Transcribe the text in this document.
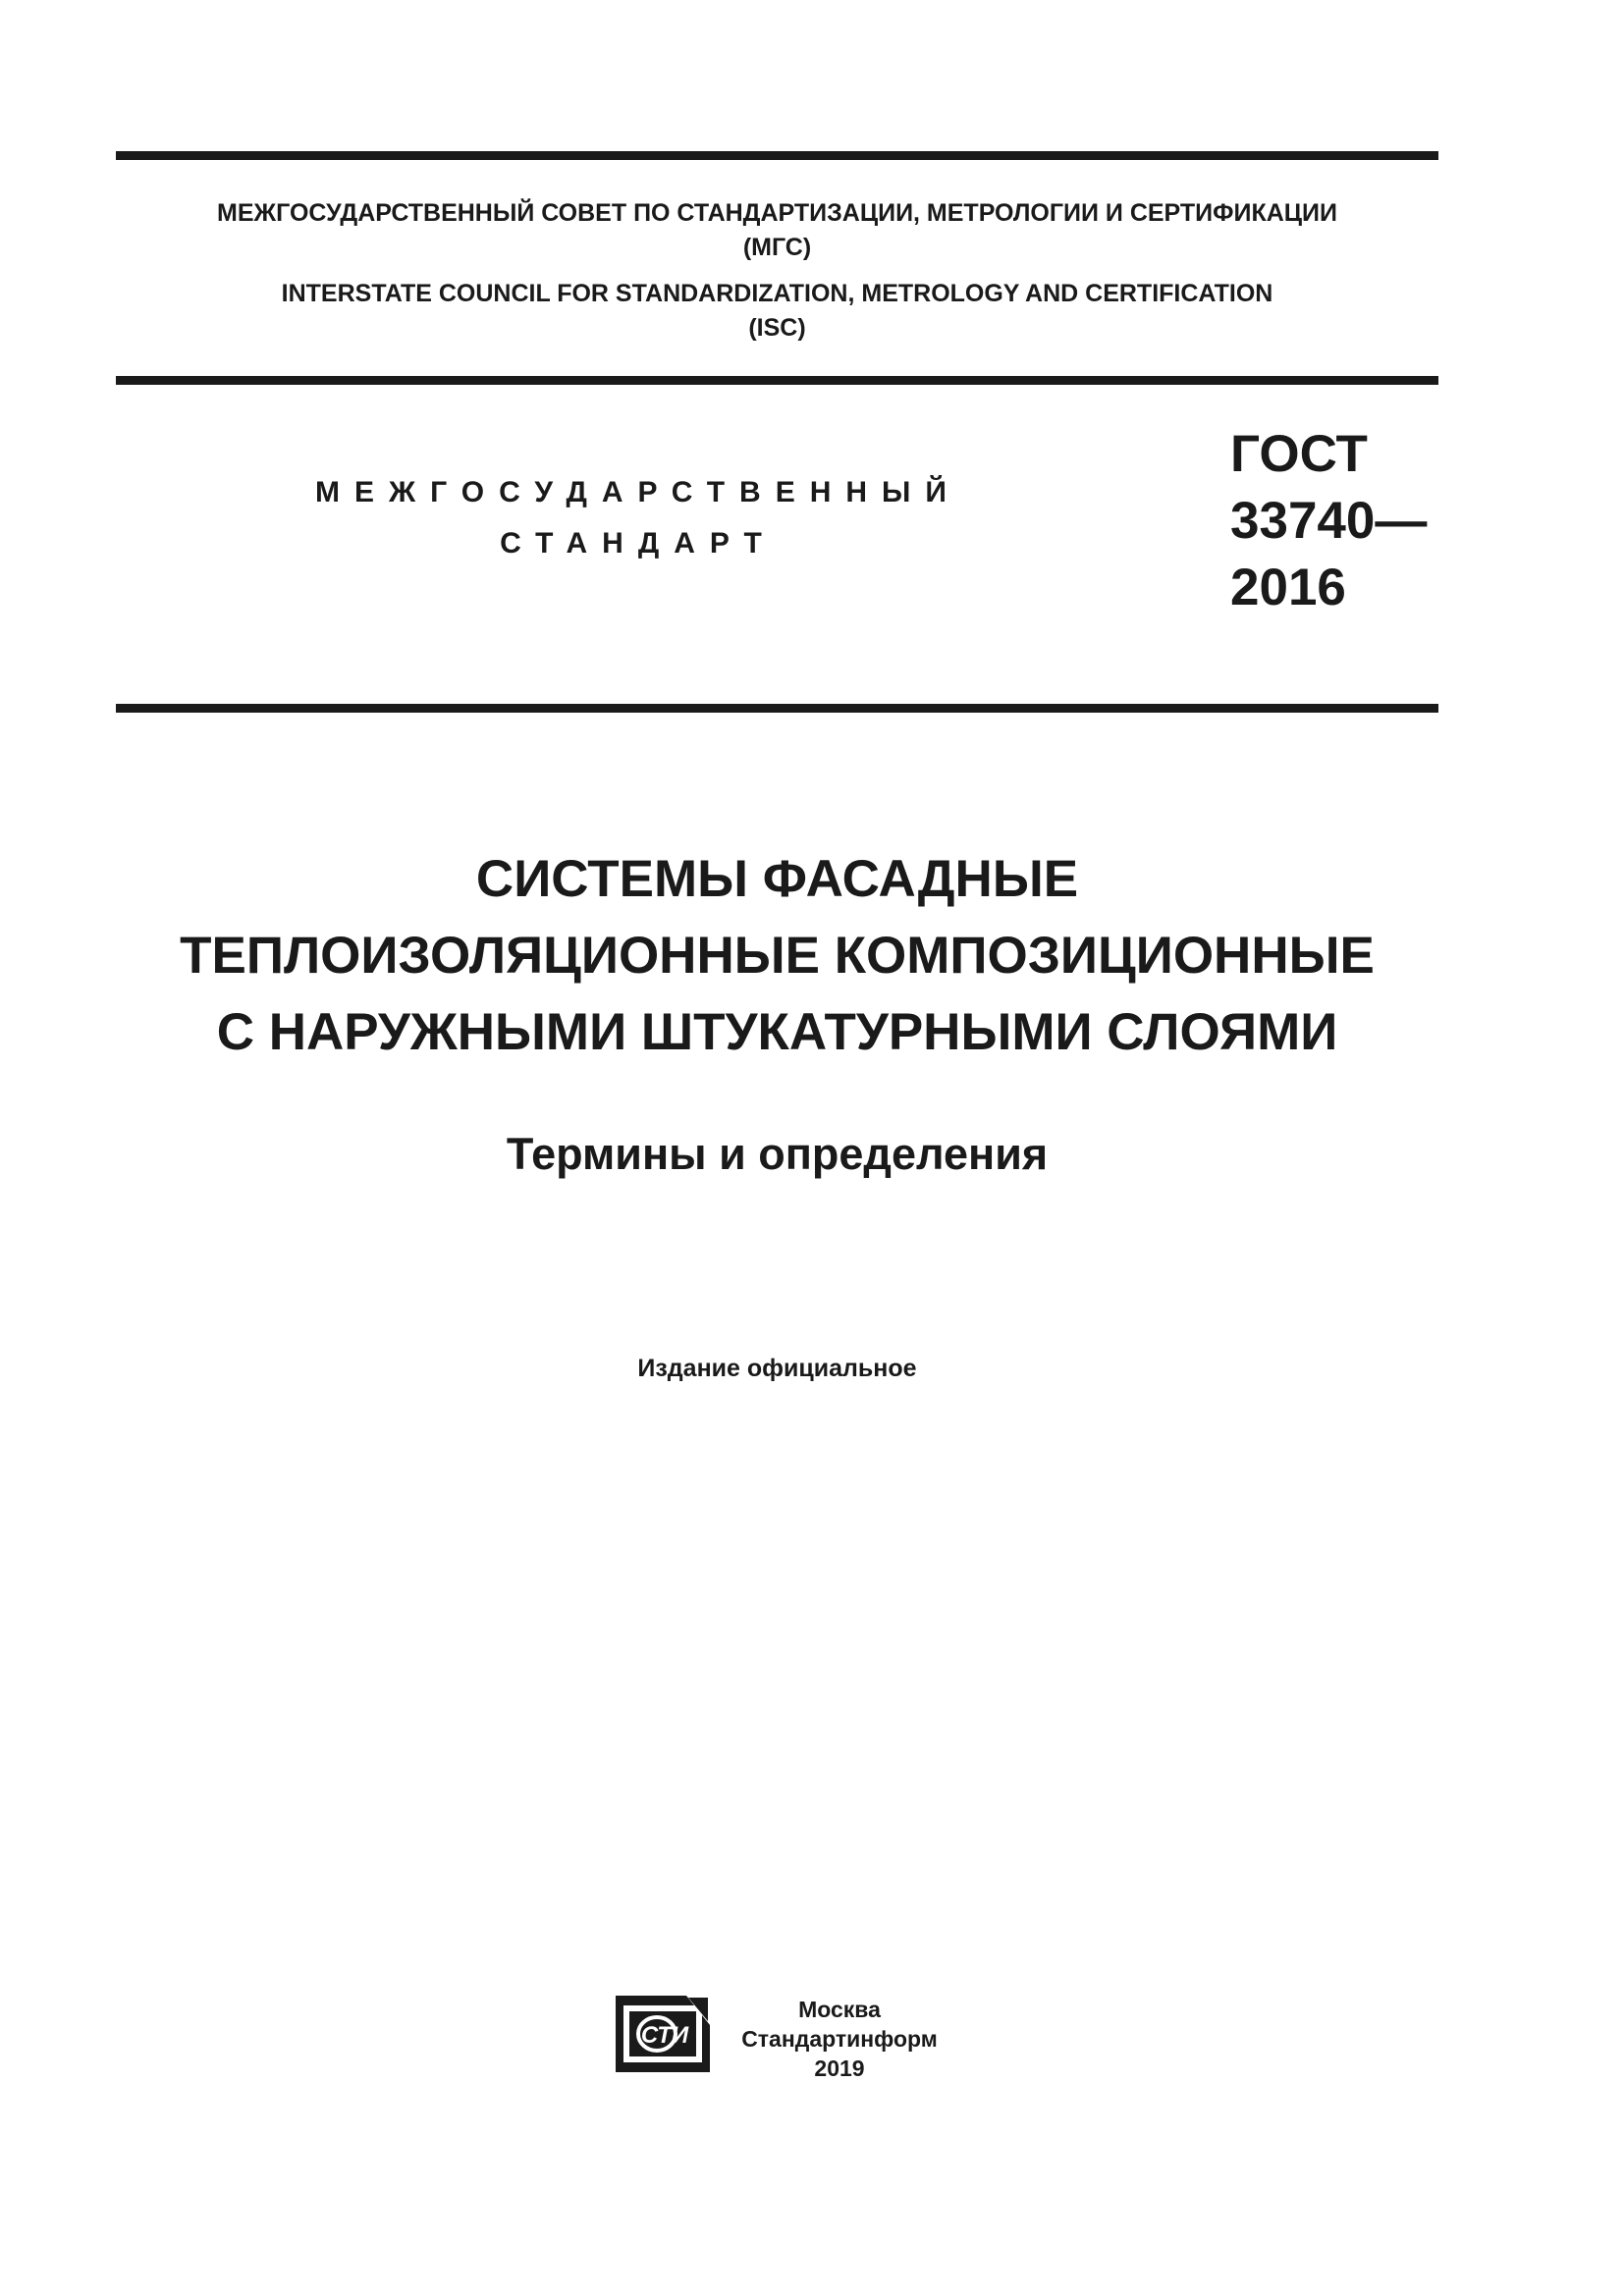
МЕЖГОСУДАРСТВЕННЫЙ СОВЕТ ПО СТАНДАРТИЗАЦИИ, МЕТРОЛОГИИ И СЕРТИФИКАЦИИ
(МГС)
INTERSTATE COUNCIL FOR STANDARDIZATION, METROLOGY AND CERTIFICATION
(ISC)
МЕЖГОСУДАРСТВЕННЫЙ
СТАНДАРТ
ГОСТ
33740—
2016
СИСТЕМЫ ФАСАДНЫЕ
ТЕПЛОИЗОЛЯЦИОННЫЕ КОМПОЗИЦИОННЫЕ
С НАРУЖНЫМИ ШТУКАТУРНЫМИ СЛОЯМИ
Термины и определения
Издание официальное
СТИ
Москва
Стандартинформ
2019
